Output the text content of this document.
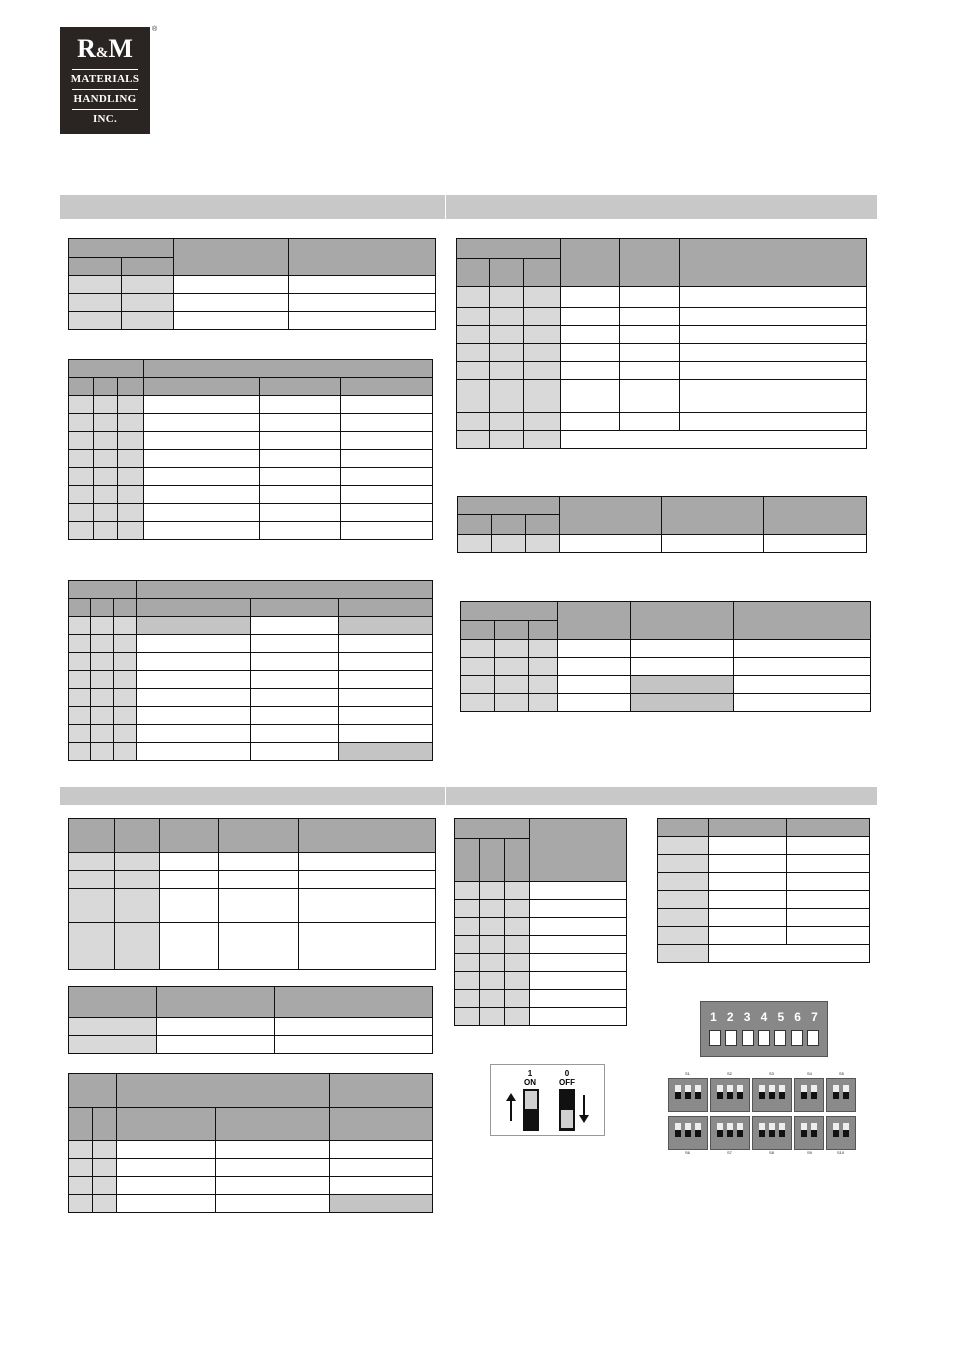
R&M
MATERIALS
HANDLING
INC.
®

1 2 3 4 5 6 7
1
ON
0
OFF
S1	S2	S3	S4	S5
S6	S7	S8	S9	S10
